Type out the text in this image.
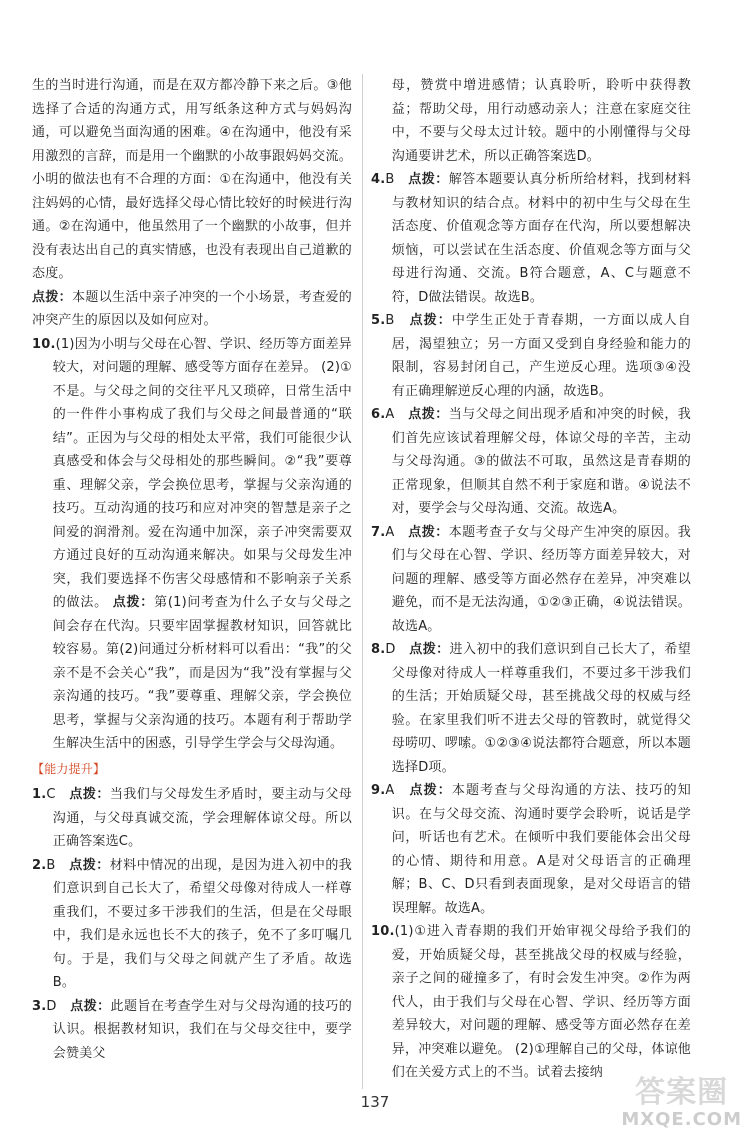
生的当时进行沟通，而是在双方都冷静下来之后。③他选择了合适的沟通方式，用写纸条这种方式与妈妈沟通，可以避免当面沟通的困难。④在沟通中，他没有采用激烈的言辞，而是用一个幽默的小故事跟妈妈交流。小明的做法也有不合理的方面：①在沟通中，他没有关注妈妈的心情，最好选择父母心情比较好的时候进行沟通。②在沟通中，他虽然用了一个幽默的小故事，但并没有表达出自己的真实情感，也没有表现出自己道歉的态度。

点拨：本题以生活中亲子冲突的一个小场景，考查爱的冲突产生的原因以及如何应对。

10.(1)因为小明与父母在心智、学识、经历等方面差异较大，对问题的理解、感受等方面存在差异。 (2)①不是。与父母之间的交往平凡又琐碎，日常生活中的一件件小事构成了我们与父母之间最普通的“联结”。正因为与父母的相处太平常，我们可能很少认真感受和体会与父母相处的那些瞬间。②“我”要尊重、理解父亲，学会换位思考，掌握与父亲沟通的技巧。互动沟通的技巧和应对冲突的智慧是亲子之间爱的润滑剂。爱在沟通中加深，亲子冲突需要双方通过良好的互动沟通来解决。如果与父母发生冲突，我们要选择不伤害父母感情和不影响亲子关系的做法。 点拨：第(1)问考查为什么子女与父母之间会存在代沟。只要牢固掌握教材知识，回答就比较容易。第(2)问通过分析材料可以看出：“我”的父亲不是不会关心“我”，而是因为“我”没有掌握与父亲沟通的技巧。“我”要尊重、理解父亲，学会换位思考，掌握与父亲沟通的技巧。本题有利于帮助学生解决生活中的困惑，引导学生学会与父母沟通。

【 能力提升 】

1.C　 点拨：当我们与父母发生矛盾时，要主动与父母沟通，与父母真诚交流，学会理解体谅父母。所以正确答案选C。

2.B　 点拨：材料中情况的出现，是因为进入初中的我们意识到自己长大了，希望父母像对待成人一样尊重我们，不要过多干涉我们的生活，但是在父母眼中，我们是永远也长不大的孩子，免不了多叮嘱几句。于是，我们与父母之间就产生了矛盾。故选B。

3.D　 点拨：此题旨在考查学生对与父母沟通的技巧的认识。根据教材知识，我们在与父母交往中，要学会赞美父

母，赞赏中增进感情；认真聆听，聆听中获得教益；帮助父母，用行动感动亲人；注意在家庭交往中，不要与父母太过计较。题中的小刚懂得与父母沟通要讲艺术，所以正确答案选D。

4.B　 点拨：解答本题要认真分析所给材料，找到材料与教材知识的结合点。材料中的初中生与父母在生活态度、价值观念等方面存在代沟，所以要想解决烦恼，可以尝试在生活态度、价值观念等方面与父母进行沟通、交流。B符合题意，A、C与题意不符，D做法错误。故选B。

5.B　 点拨：中学生正处于青春期，一方面以成人自居，渴望独立；另一方面又受到自身经验和能力的限制，容易封闭自己，产生逆反心理。选项③④没有正确理解逆反心理的内涵，故选B。

6.A　 点拨：当与父母之间出现矛盾和冲突的时候，我们首先应该试着理解父母，体谅父母的辛苦，主动与父母沟通。③的做法不可取，虽然这是青春期的正常现象，但顺其自然不利于家庭和谐。④说法不对，要学会与父母沟通、交流。故选A。

7.A　 点拨：本题考查子女与父母产生冲突的原因。我们与父母在心智、学识、经历等方面差异较大，对问题的理解、感受等方面必然存在差异，冲突难以避免，而不是无法沟通，①②③正确，④说法错误。故选A。

8.D　 点拨：进入初中的我们意识到自己长大了，希望父母像对待成人一样尊重我们，不要过多干涉我们的生活；开始质疑父母，甚至挑战父母的权威与经验。在家里我们听不进去父母的管教时，就觉得父母唠叨、啰嗦。①②③④说法都符合题意，所以本题选择D项。

9.A　 点拨：本题考查与父母沟通的方法、技巧的知识。在与父母交流、沟通时要学会聆听，说话是学问，听话也有艺术。在倾听中我们要能体会出父母的心情、期待和用意。A是对父母语言的正确理解；B、C、D只看到表面现象，是对父母语言的错误理解。故选A。

10.(1)①进入青春期的我们开始审视父母给予我们的爱，开始质疑父母，甚至挑战父母的权威与经验，亲子之间的碰撞多了，有时会发生冲突。②作为两代人，由于我们与父母在心智、学识、经历等方面差异较大，对问题的理解、感受等方面必然存在差异，冲突难以避免。 (2)①理解自己的父母，体谅他们在关爱方式上的不当。试着去接纳

137	答案圈
MXQE.COM
